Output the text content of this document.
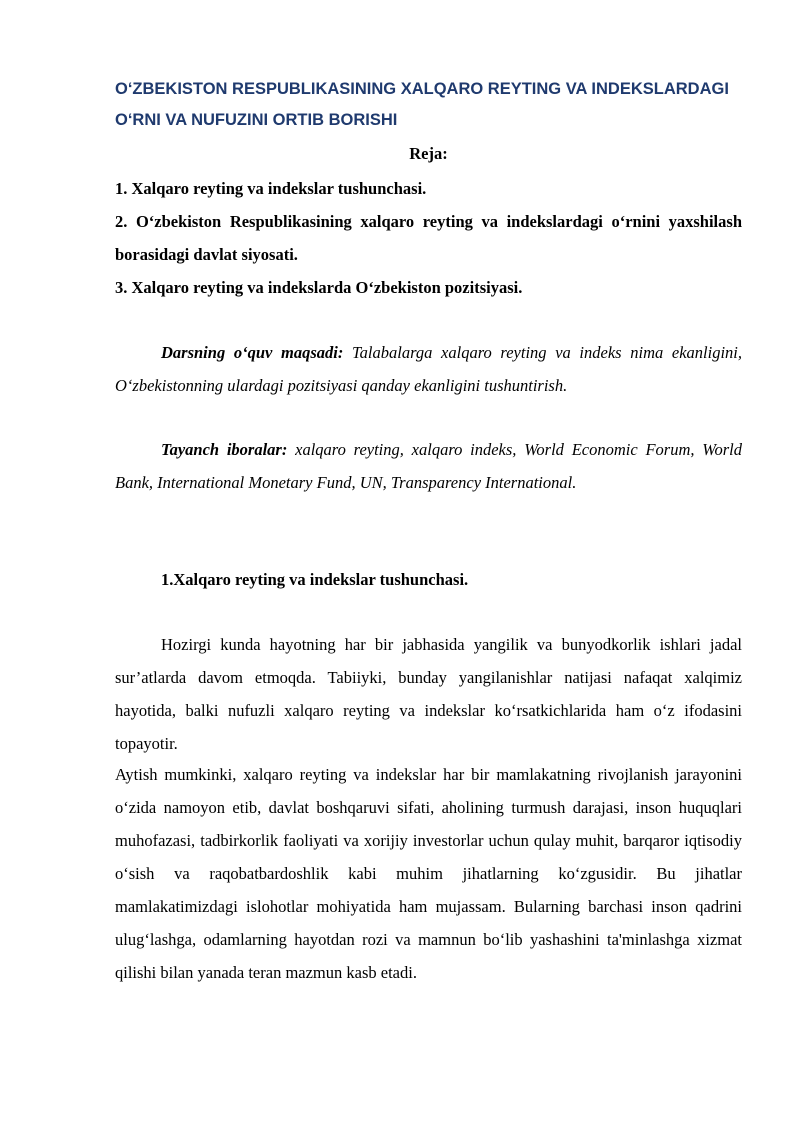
O‘ZBEKISTON RESPUBLIKASINING XALQARO REYTING VA INDEKSLARDAGI O‘RNI VA NUFUZINI ORTIB BORISHI
Reja:

1. Xalqaro reyting va indekslar tushunchasi.

2. O‘zbekiston Respublikasining xalqaro reyting va indekslardagi o‘rnini yaxshilash borasidagi davlat siyosati.

3. Xalqaro reyting va indekslarda O‘zbekiston pozitsiyasi.

Darsning o‘quv maqsadi: Talabalarga xalqaro reyting va indeks nima ekanligini, O‘zbekistonning ulardagi pozitsiyasi qanday ekanligini tushuntirish.

Tayanch iboralar: xalqaro reyting, xalqaro indeks, World Economic Forum, World Bank, International Monetary Fund, UN, Transparency International.

1.Xalqaro reyting va indekslar tushunchasi.

Hozirgi kunda hayotning har bir jabhasida yangilik va bunyodkorlik ishlari jadal sur’atlarda davom etmoqda. Tabiiyki, bunday yangilanishlar natijasi nafaqat xalqimiz hayotida, balki nufuzli xalqaro reyting va indekslar ko‘rsatkichlarida ham o‘z ifodasini topayotir.

Aytish mumkinki, xalqaro reyting va indekslar har bir mamlakatning rivojlanish jarayonini o‘zida namoyon etib, davlat boshqaruvi sifati, aholining turmush darajasi, inson huquqlari muhofazasi, tadbirkorlik faoliyati va xorijiy investorlar uchun qulay muhit, barqaror iqtisodiy o‘sish va raqobatbardoshlik kabi muhim jihatlarning ko‘zgusidir. Bu jihatlar mamlakatimizdagi islohotlar mohiyatida ham mujassam. Bularning barchasi inson qadrini ulug‘lashga, odamlarning hayotdan rozi va mamnun bo‘lib yashashini ta'minlashga xizmat qilishi bilan yanada teran mazmun kasb etadi.
